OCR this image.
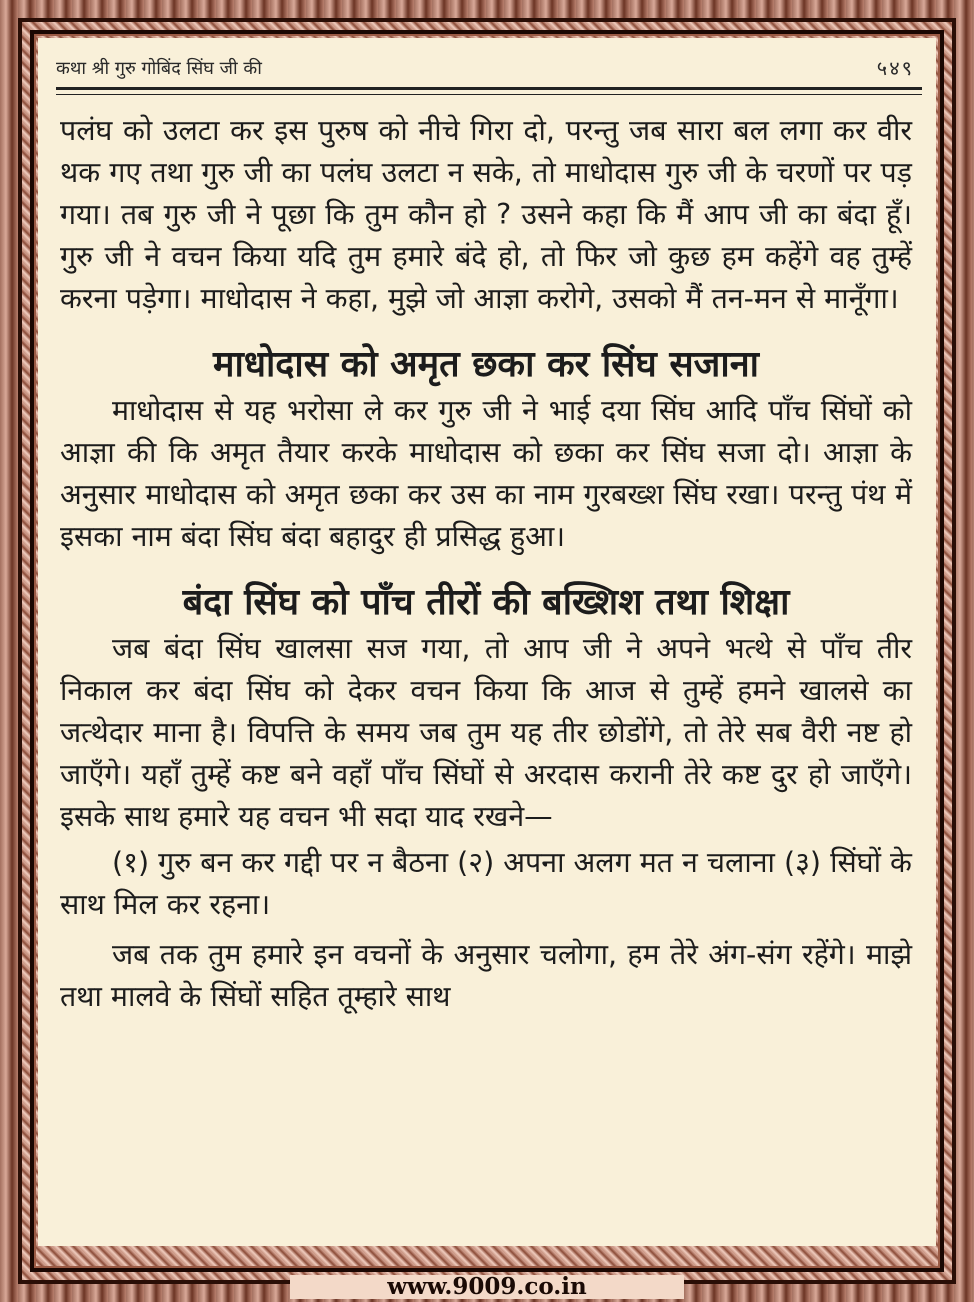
कथा श्री गुरु गोबिंद सिंघ जी की	५४९

पलंघ को उलटा कर इस पुरुष को नीचे गिरा दो, परन्तु जब सारा बल लगा कर वीर थक गए तथा गुरु जी का पलंघ उलटा न सके, तो माधोदास गुरु जी के चरणों पर पड़ गया। तब गुरु जी ने पूछा कि तुम कौन हो ? उसने कहा कि मैं आप जी का बंदा हूँ। गुरु जी ने वचन किया यदि तुम हमारे बंदे हो, तो फिर जो कुछ हम कहेंगे वह तुम्हें करना पड़ेगा। माधोदास ने कहा, मुझे जो आज्ञा करोगे, उसको मैं तन-मन से मानूँगा।

माधोदास को अमृत छका कर सिंघ सजाना

माधोदास से यह भरोसा ले कर गुरु जी ने भाई दया सिंघ आदि पाँच सिंघों को आज्ञा की कि अमृत तैयार करके माधोदास को छका कर सिंघ सजा दो। आज्ञा के अनुसार माधोदास को अमृत छका कर उस का नाम गुरबख्श सिंघ रखा। परन्तु पंथ में इसका नाम बंदा सिंघ बंदा बहादुर ही प्रसिद्ध हुआ।

बंदा सिंघ को पाँच तीरों की बख्शिश तथा शिक्षा

जब बंदा सिंघ खालसा सज गया, तो आप जी ने अपने भत्थे से पाँच तीर निकाल कर बंदा सिंघ को देकर वचन किया कि आज से तुम्हें हमने खालसे का जत्थेदार माना है। विपत्ति के समय जब तुम यह तीर छोडोंगे, तो तेरे सब वैरी नष्ट हो जाएँगे। यहाँ तुम्हें कष्ट बने वहाँ पाँच सिंघों से अरदास करानी तेरे कष्ट दुर हो जाएँगे। इसके साथ हमारे यह वचन भी सदा याद रखने—

(१) गुरु बन कर गद्दी पर न बैठना (२) अपना अलग मत न चलाना (३) सिंघों के साथ मिल कर रहना।

जब तक तुम हमारे इन वचनों के अनुसार चलोगा, हम तेरे अंग-संग रहेंगे। माझे तथा मालवे के सिंघों सहित तूम्हारे साथ

www.9009.co.in
